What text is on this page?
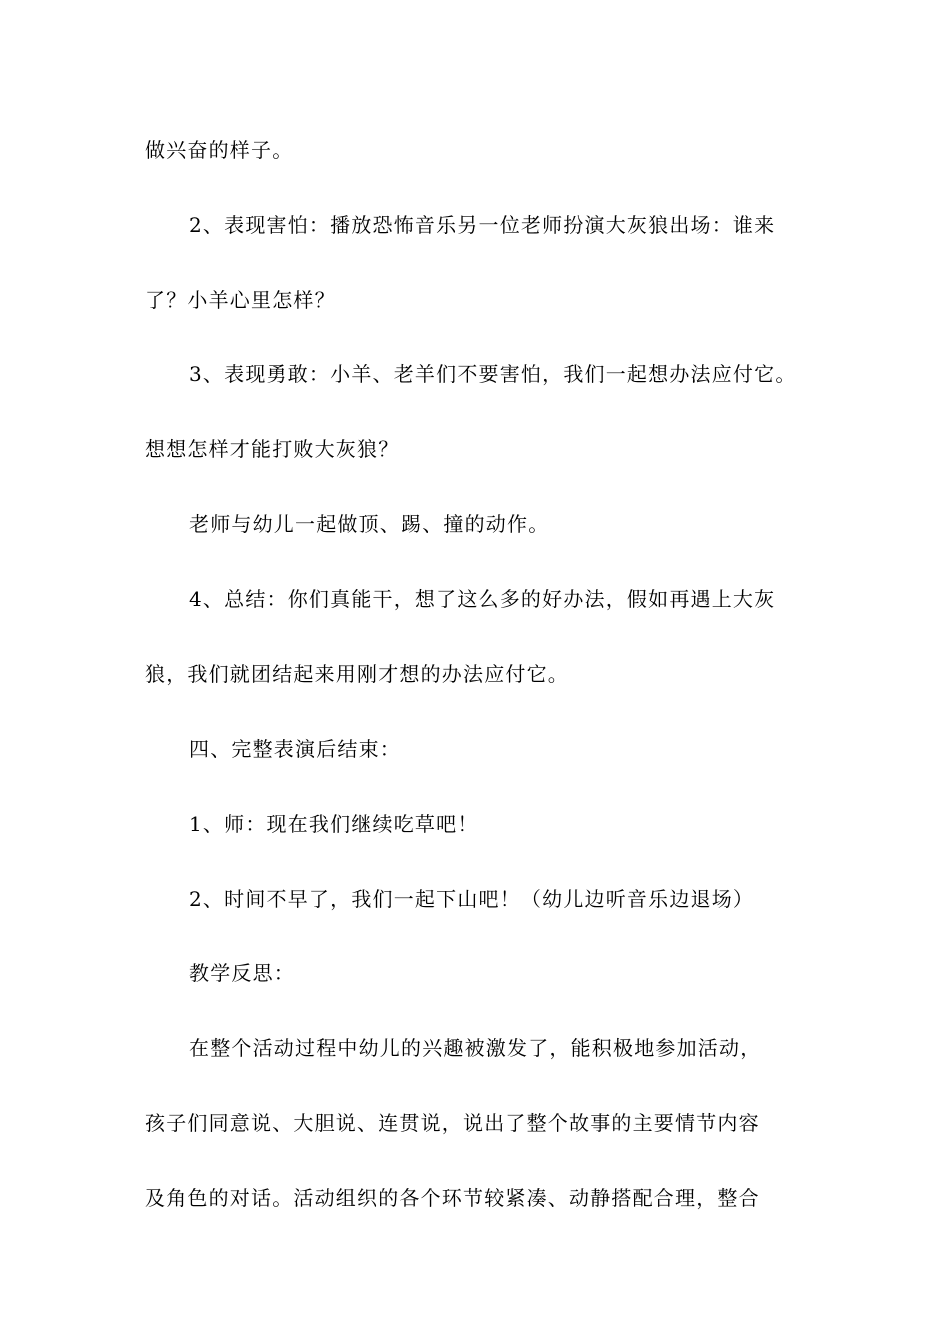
做兴奋的样子。
2、表现害怕：播放恐怖音乐另一位老师扮演大灰狼出场：谁来
了？小羊心里怎样？
3、表现勇敢：小羊、老羊们不要害怕，我们一起想办法应付它。
想想怎样才能打败大灰狼？
老师与幼儿一起做顶、踢、撞的动作。
4、总结：你们真能干，想了这么多的好办法，假如再遇上大灰
狼，我们就团结起来用刚才想的办法应付它。
四、完整表演后结束：
1、师：现在我们继续吃草吧！
2、时间不早了，我们一起下山吧！（幼儿边听音乐边退场）
教学反思：
在整个活动过程中幼儿的兴趣被激发了，能积极地参加活动，
孩子们同意说、大胆说、连贯说，说出了整个故事的主要情节内容
及角色的对话。活动组织的各个环节较紧凑、动静搭配合理，整合
